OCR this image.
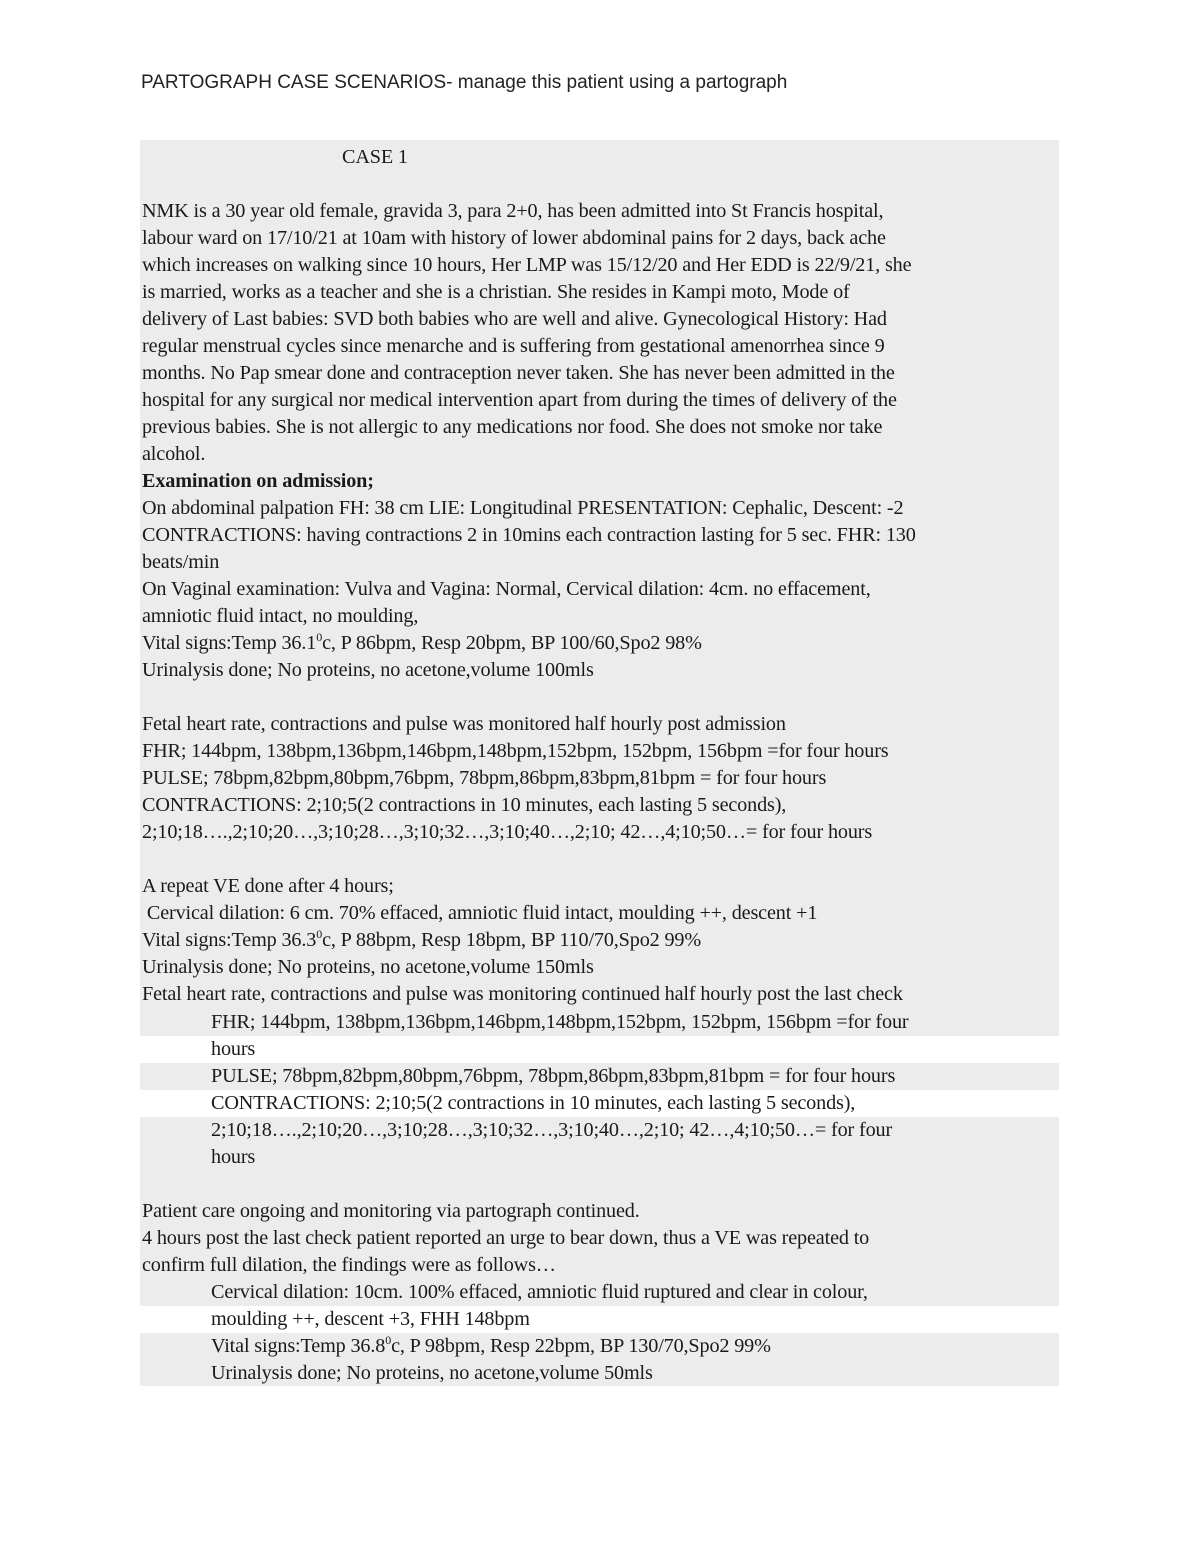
PARTOGRAPH CASE SCENARIOS- manage this patient using a partograph
CASE 1
NMK is a 30 year old female, gravida 3, para 2+0, has been admitted into St Francis hospital,
labour ward on 17/10/21 at 10am with history of lower abdominal pains for 2 days, back ache
which increases on walking since 10 hours, Her LMP was 15/12/20 and Her EDD is 22/9/21, she
is married, works as a teacher and she is a christian. She resides in Kampi moto, Mode of
delivery of Last babies: SVD both babies who are well and alive. Gynecological History: Had
regular menstrual cycles since menarche and is suffering from gestational amenorrhea since 9
months. No Pap smear done and contraception never taken. She has never been admitted in the
hospital for any surgical nor medical intervention apart from during the times of delivery of the
previous babies. She is not allergic to any medications nor food. She does not smoke nor take
alcohol.
Examination on admission;
On abdominal palpation FH: 38 cm LIE: Longitudinal PRESENTATION: Cephalic, Descent: -2
CONTRACTIONS: having contractions 2 in 10mins each contraction lasting for 5 sec. FHR: 130
beats/min
On Vaginal examination: Vulva and Vagina: Normal, Cervical dilation: 4cm. no effacement,
amniotic fluid intact, no moulding,
Vital signs:Temp 36.1$^0$c, P 86bpm, Resp 20bpm, BP 100/60,Spo2 98%
Urinalysis done; No proteins, no acetone,volume 100mls
Fetal heart rate, contractions and pulse was monitored half hourly post admission
FHR; 144bpm, 138bpm,136bpm,146bpm,148bpm,152bpm, 152bpm, 156bpm =for four hours
PULSE; 78bpm,82bpm,80bpm,76bpm, 78bpm,86bpm,83bpm,81bpm = for four hours
CONTRACTIONS: 2;10;5(2 contractions in 10 minutes, each lasting 5 seconds),
2;10;18….,2;10;20…,3;10;28…,3;10;32…,3;10;40…,2;10; 42…,4;10;50…= for four hours
A repeat VE done after 4 hours;
Cervical dilation: 6 cm. 70% effaced, amniotic fluid intact, moulding ++, descent +1
Vital signs:Temp 36.3$^0$c, P 88bpm, Resp 18bpm, BP 110/70,Spo2 99%
Urinalysis done; No proteins, no acetone,volume 150mls
Fetal heart rate, contractions and pulse was monitoring continued half hourly post the last check
FHR; 144bpm, 138bpm,136bpm,146bpm,148bpm,152bpm, 152bpm, 156bpm =for four
hours
PULSE; 78bpm,82bpm,80bpm,76bpm, 78bpm,86bpm,83bpm,81bpm = for four hours
CONTRACTIONS: 2;10;5(2 contractions in 10 minutes, each lasting 5 seconds),
2;10;18….,2;10;20…,3;10;28…,3;10;32…,3;10;40…,2;10; 42…,4;10;50…= for four
hours
Patient care ongoing and monitoring via partograph continued.
4 hours post the last check patient reported an urge to bear down, thus a VE was repeated to
confirm full dilation, the findings were as follows…
Cervical dilation: 10cm. 100% effaced, amniotic fluid ruptured and clear in colour,
moulding ++, descent +3, FHH 148bpm
Vital signs:Temp 36.8$^0$c, P 98bpm, Resp 22bpm, BP 130/70,Spo2 99%
Urinalysis done; No proteins, no acetone,volume 50mls
